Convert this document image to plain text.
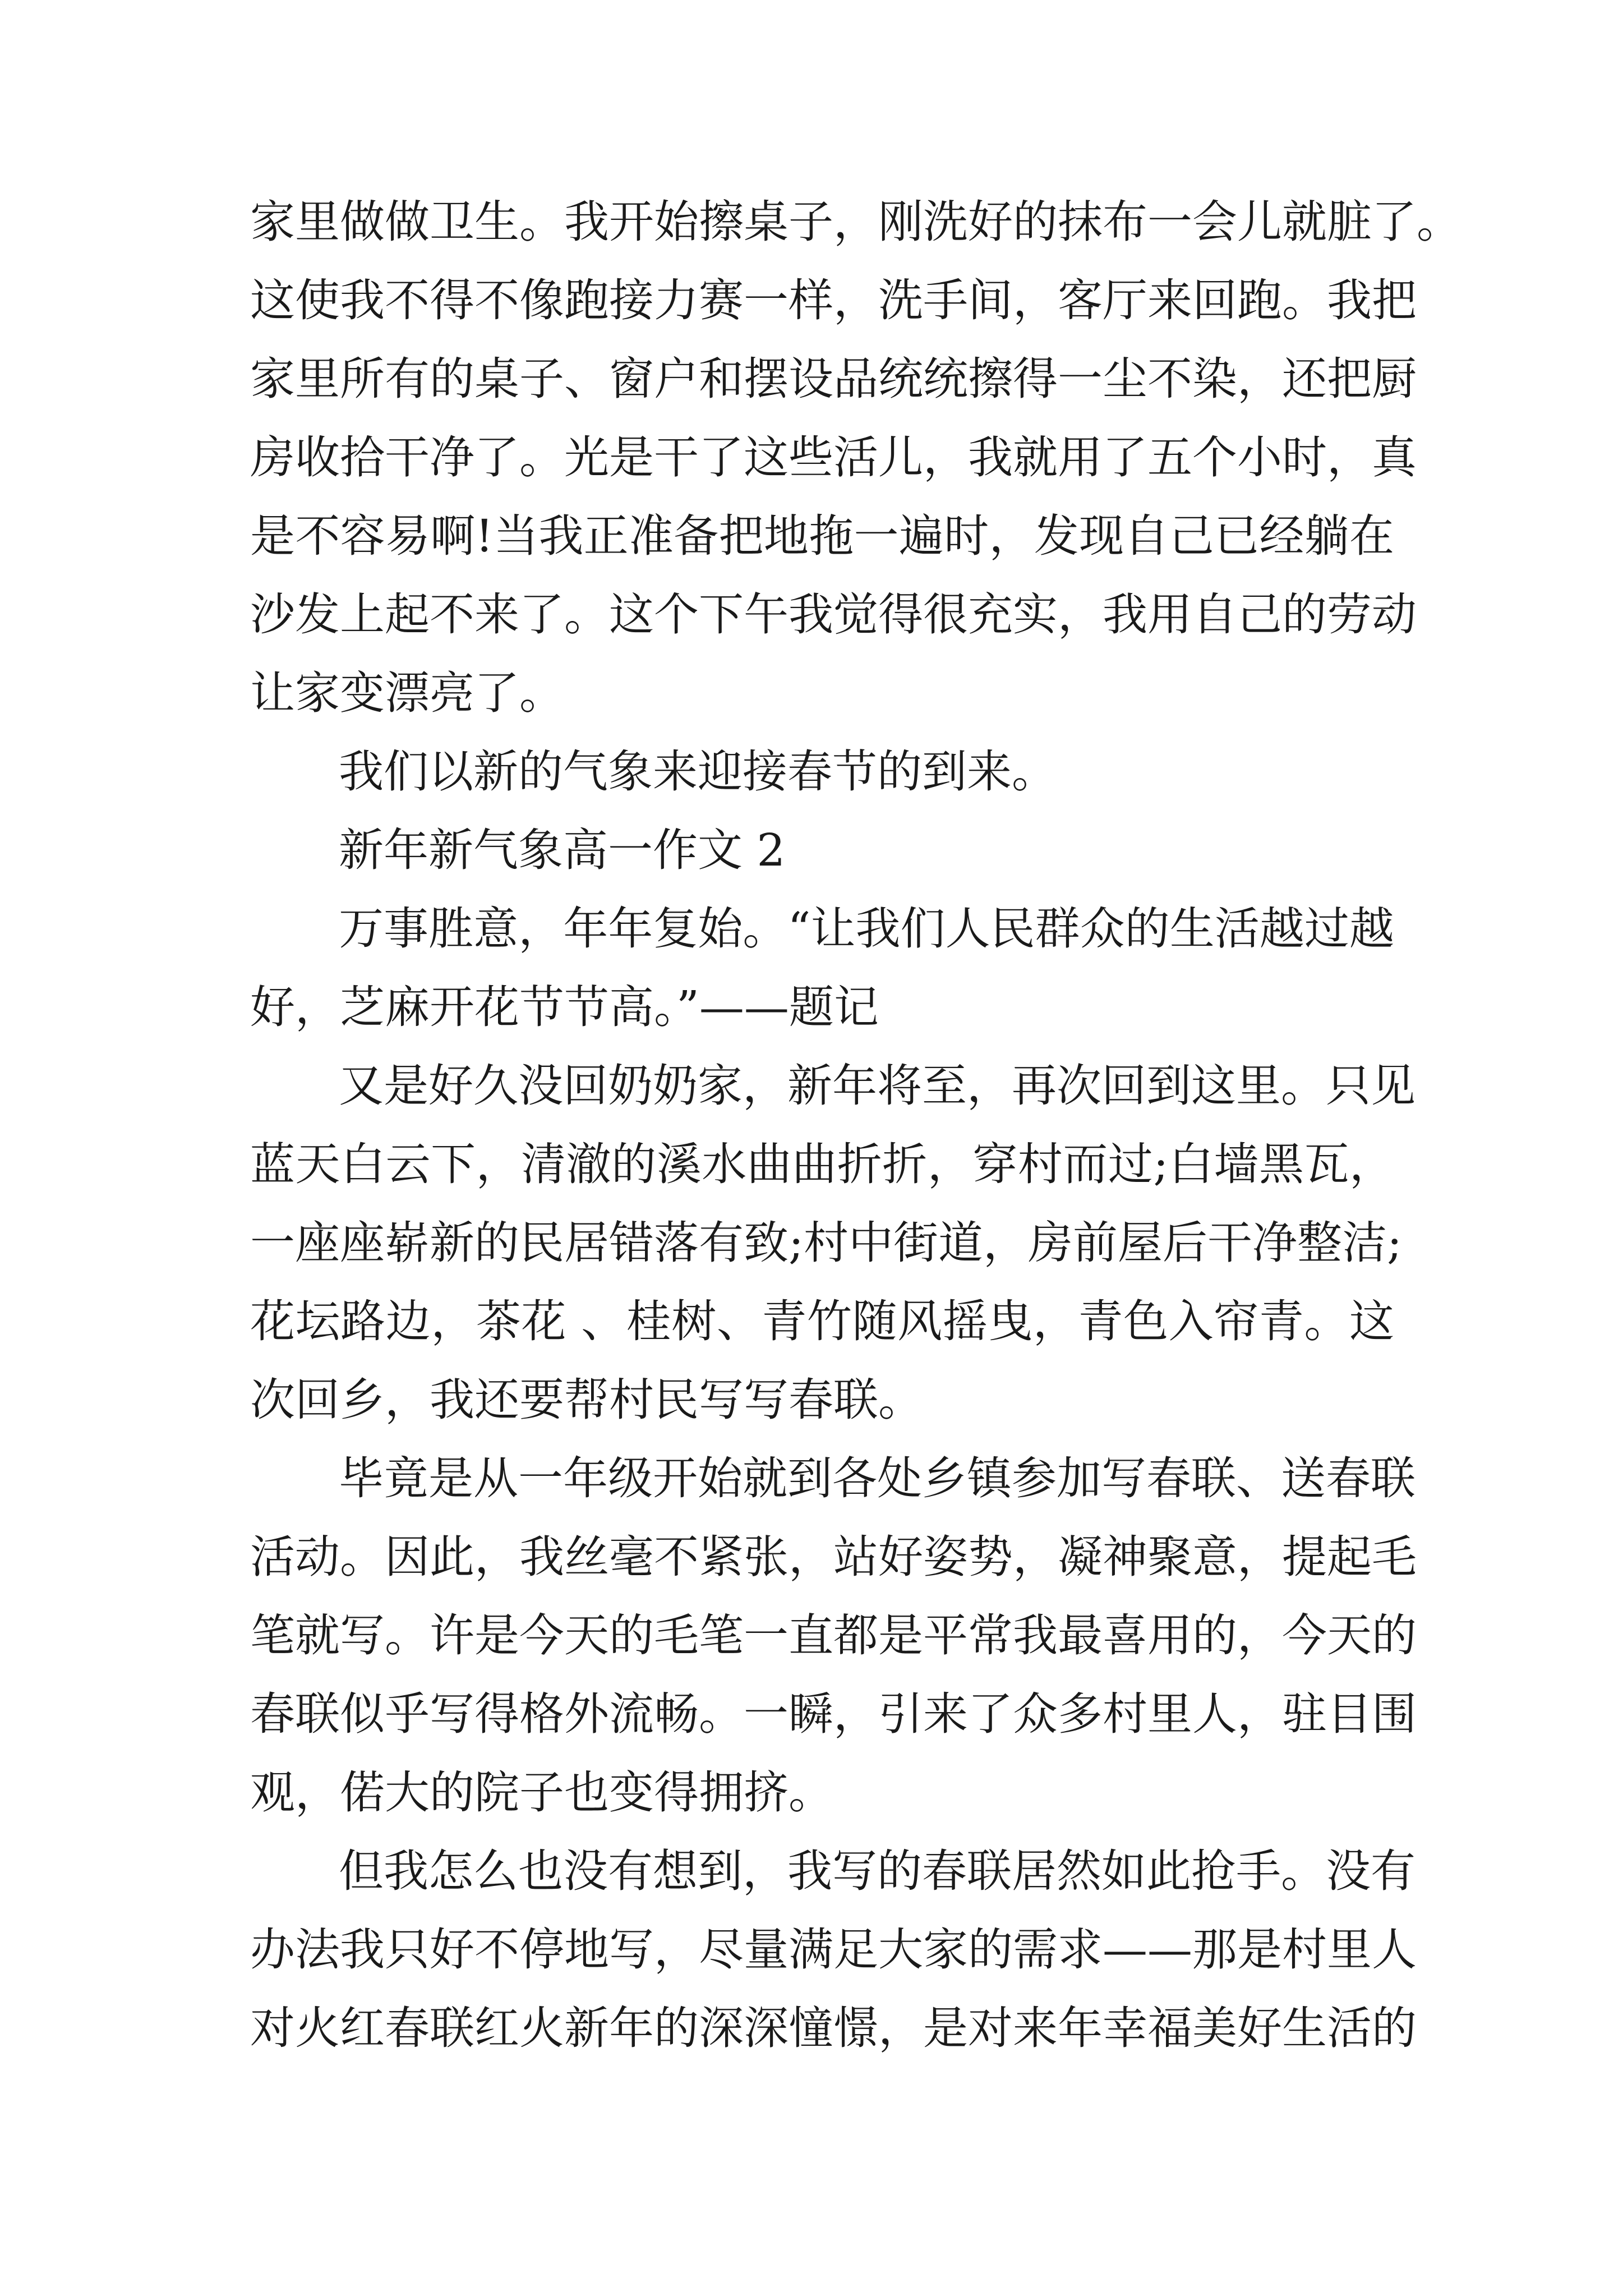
家里做做卫生。我开始擦桌子，刚洗好的抹布一会儿就脏了。
这使我不得不像跑接力赛一样，洗手间，客厅来回跑。我把
家里所有的桌子、窗户和摆设品统统擦得一尘不染，还把厨
房收拾干净了。光是干了这些活儿，我就用了五个小时，真
是不容易啊!当我正准备把地拖一遍时，发现自己已经躺在
沙发上起不来了。这个下午我觉得很充实，我用自己的劳动
让家变漂亮了。
我们以新的气象来迎接春节的到来。
新年新气象高一作文 2
万事胜意，年年复始。“让我们人民群众的生活越过越
好，芝麻开花节节高。”——题记
又是好久没回奶奶家，新年将至，再次回到这里。只见
蓝天白云下，清澈的溪水曲曲折折，穿村而过;白墙黑瓦，
一座座崭新的民居错落有致;村中街道，房前屋后干净整洁;
花坛路边，茶花 、桂树、青竹随风摇曳，青色入帘青。这
次回乡，我还要帮村民写写春联。
毕竟是从一年级开始就到各处乡镇参加写春联、送春联
活动。因此，我丝毫不紧张，站好姿势，凝神聚意，提起毛
笔就写。许是今天的毛笔一直都是平常我最喜用的，今天的
春联似乎写得格外流畅。一瞬，引来了众多村里人，驻目围
观，偌大的院子也变得拥挤。
但我怎么也没有想到，我写的春联居然如此抢手。没有
办法我只好不停地写，尽量满足大家的需求——那是村里人
对火红春联红火新年的深深憧憬，是对来年幸福美好生活的
